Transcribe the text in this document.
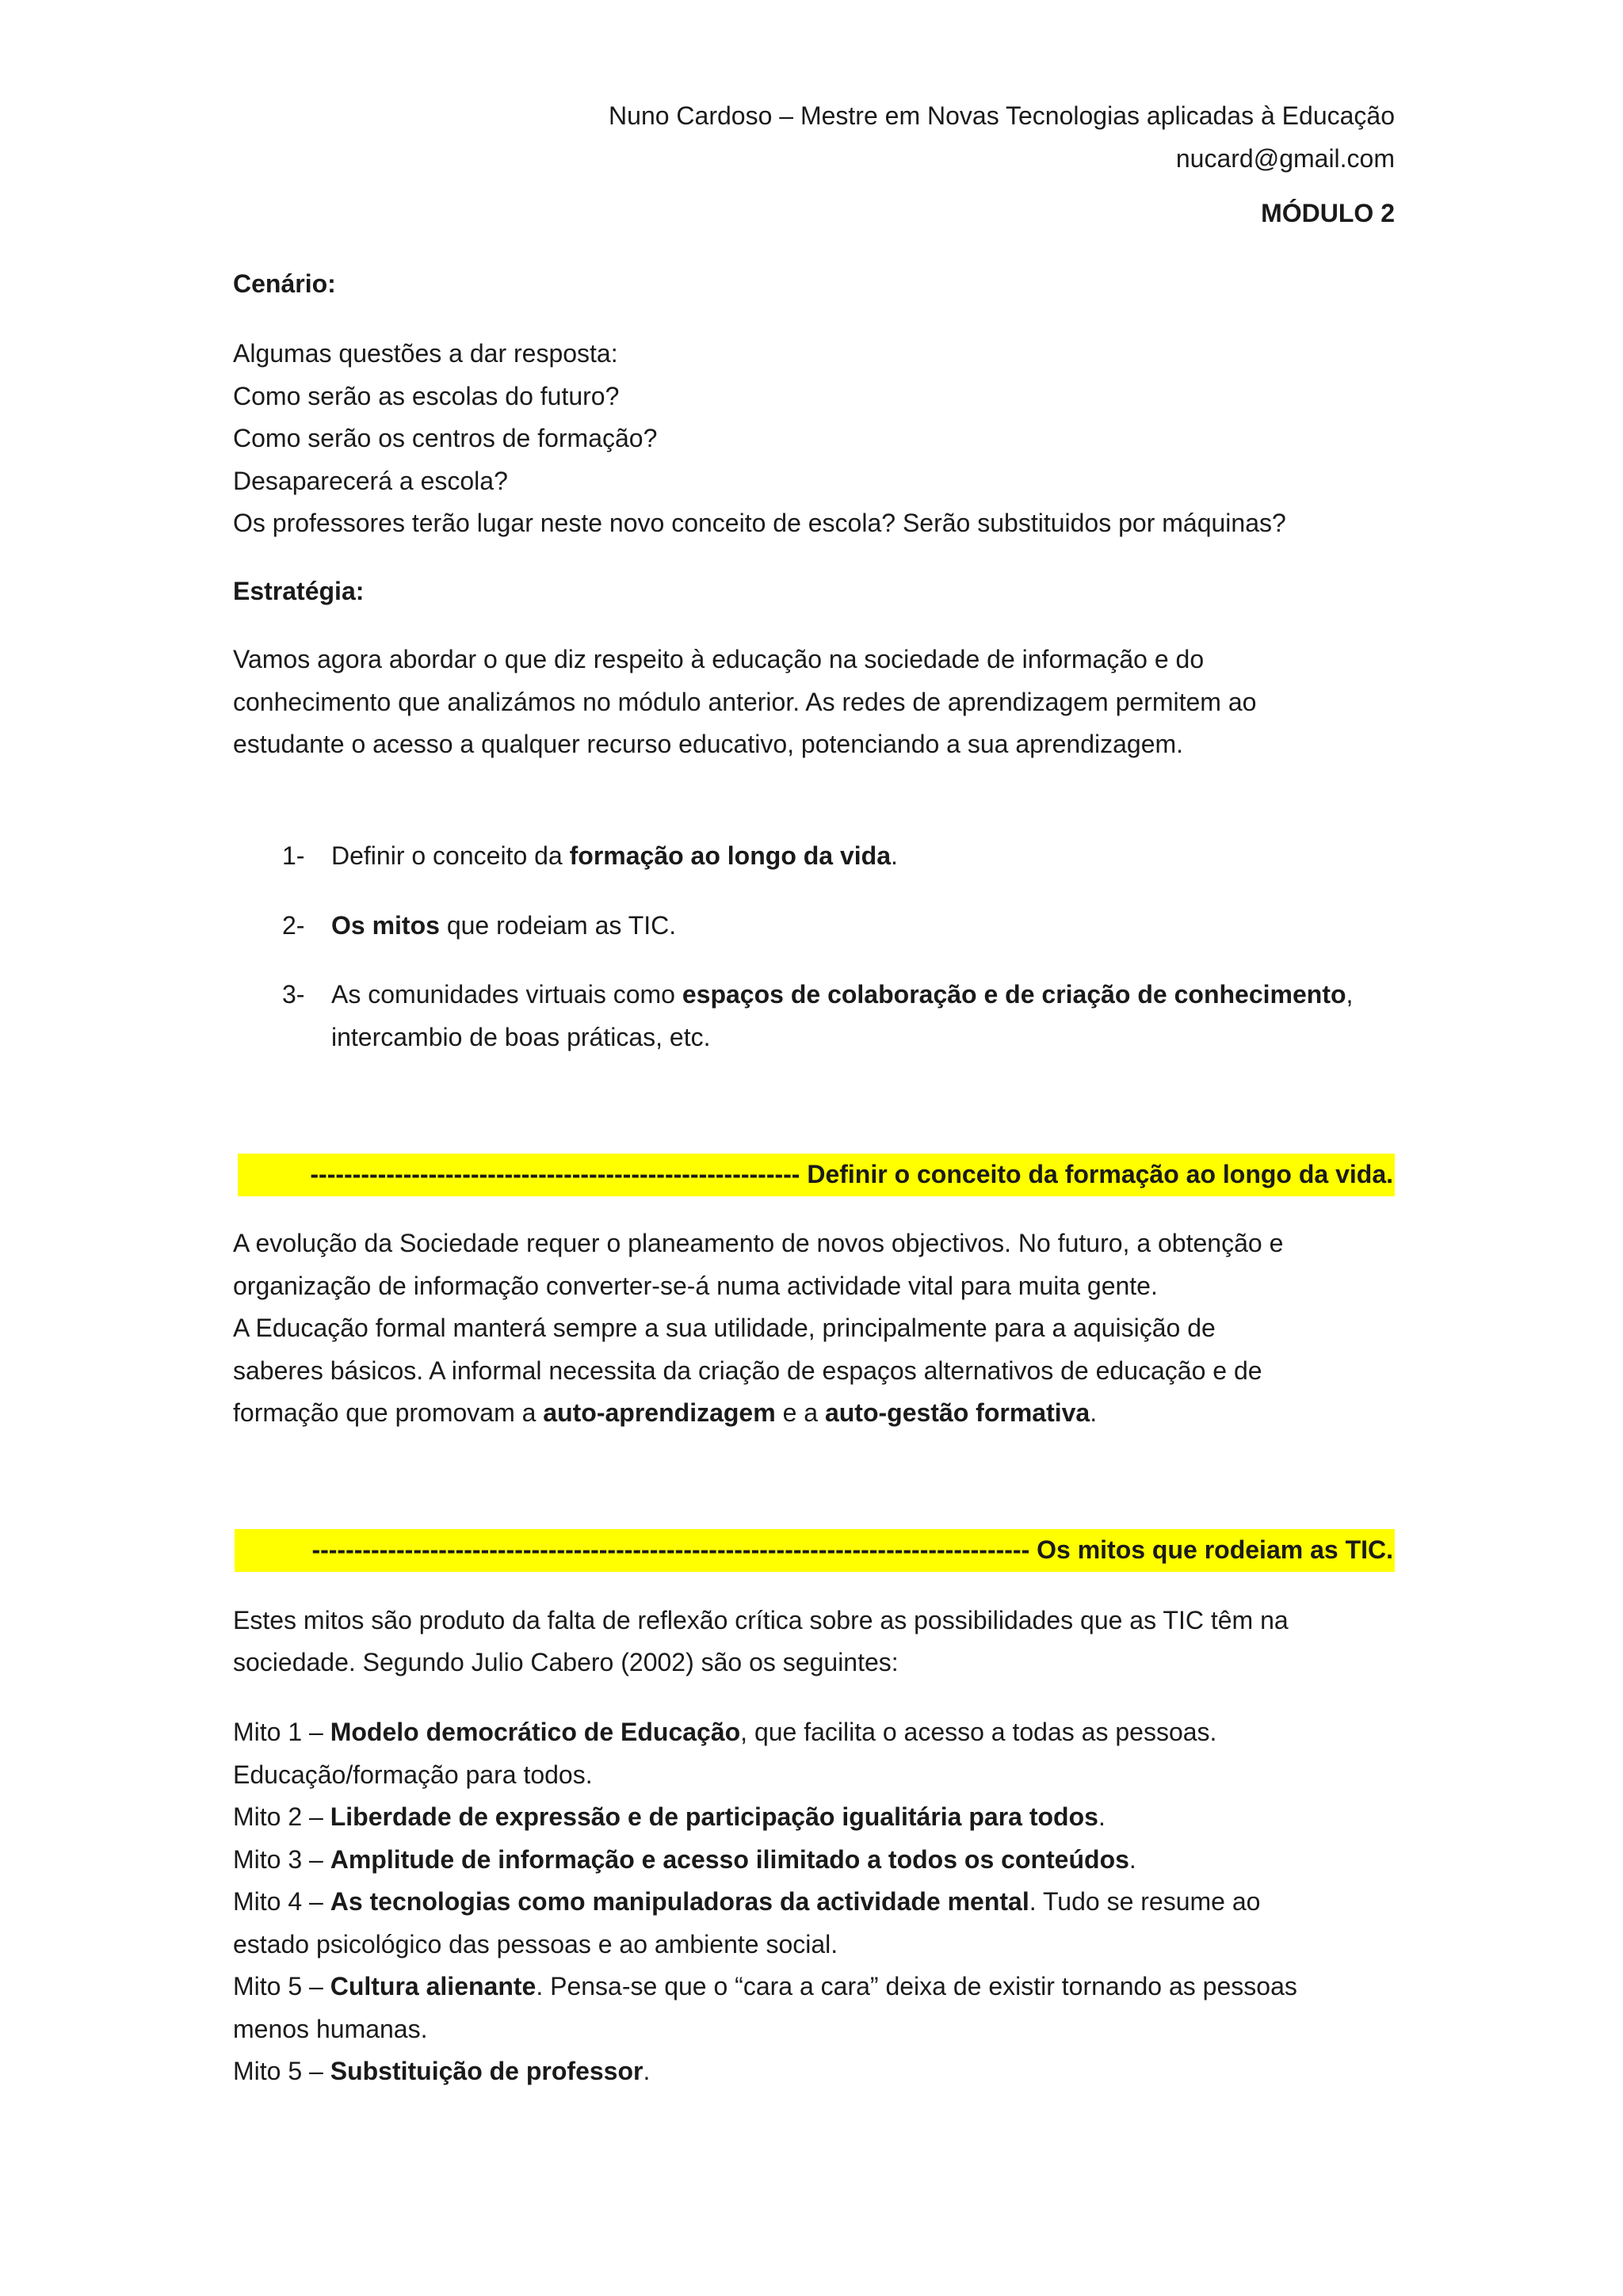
Nuno Cardoso – Mestre em Novas Tecnologias aplicadas à Educação
nucard@gmail.com
MÓDULO 2
Cenário:
Algumas questões a dar resposta:
Como serão as escolas do futuro?
Como serão os centros de formação?
Desaparecerá a escola?
Os professores terão lugar neste novo conceito de escola? Serão substituidos por máquinas?
Estratégia:
Vamos agora abordar o que diz respeito à educação na sociedade de informação e do
conhecimento que analizámos no módulo anterior. As redes de aprendizagem permitem ao
estudante o acesso a qualquer recurso educativo, potenciando a sua aprendizagem.
1- Definir o conceito da formação ao longo da vida.
2- Os mitos que rodeiam as TIC.
3- As comunidades virtuais como espaços de colaboração e de criação de conhecimento,
intercambio de boas práticas, etc.
---------------------------------------------------------- Definir o conceito da formação ao longo da vida.
A evolução da Sociedade requer o planeamento de novos objectivos. No futuro, a obtenção e
organização de informação converter-se-á numa actividade vital para muita gente.
A Educação formal manterá sempre a sua utilidade, principalmente para a aquisição de
saberes básicos. A informal necessita da criação de espaços alternativos de educação e de
formação que promovam a auto-aprendizagem e a auto-gestão formativa.
------------------------------------------------------------------------------------- Os mitos que rodeiam as TIC.
Estes mitos são produto da falta de reflexão crítica sobre as possibilidades que as TIC têm na
sociedade. Segundo Julio Cabero (2002) são os seguintes:
Mito 1 – Modelo democrático de Educação, que facilita o acesso a todas as pessoas.
Educação/formação para todos.
Mito 2 – Liberdade de expressão e de participação igualitária para todos.
Mito 3 – Amplitude de informação e acesso ilimitado a todos os conteúdos.
Mito 4 – As tecnologias como manipuladoras da actividade mental. Tudo se resume ao
estado psicológico das pessoas e ao ambiente social.
Mito 5 – Cultura alienante. Pensa-se que o “cara a cara” deixa de existir tornando as pessoas
menos humanas.
Mito 5 – Substituição de professor.
